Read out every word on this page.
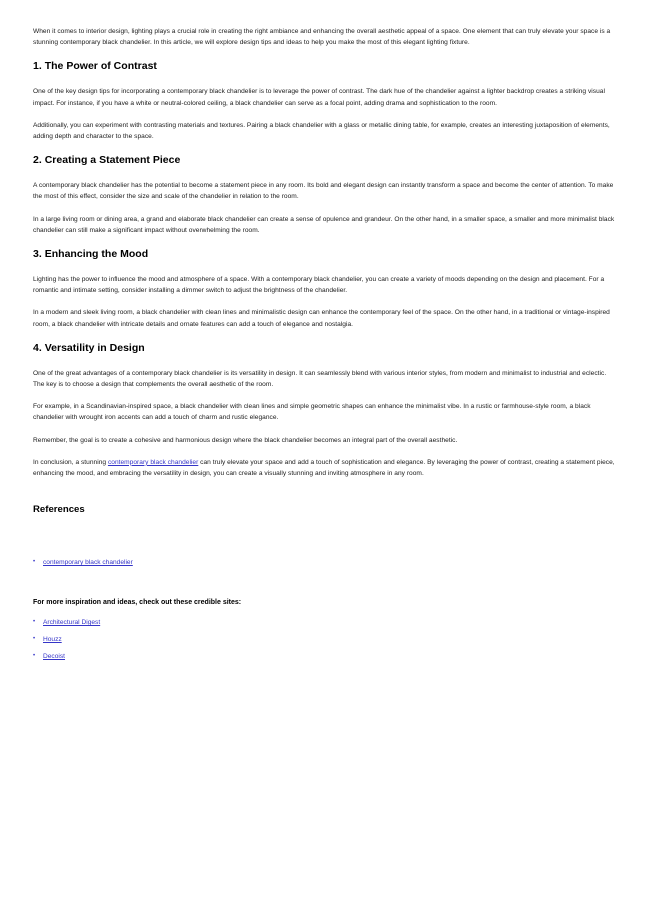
When it comes to interior design, lighting plays a crucial role in creating the right ambiance and enhancing the overall aesthetic appeal of a space. One element that can truly elevate your space is a stunning contemporary black chandelier. In this article, we will explore design tips and ideas to help you make the most of this elegant lighting fixture.

1. The Power of Contrast

One of the key design tips for incorporating a contemporary black chandelier is to leverage the power of contrast. The dark hue of the chandelier against a lighter backdrop creates a striking visual impact. For instance, if you have a white or neutral-colored ceiling, a black chandelier can serve as a focal point, adding drama and sophistication to the room.

Additionally, you can experiment with contrasting materials and textures. Pairing a black chandelier with a glass or metallic dining table, for example, creates an interesting juxtaposition of elements, adding depth and character to the space.

2. Creating a Statement Piece

A contemporary black chandelier has the potential to become a statement piece in any room. Its bold and elegant design can instantly transform a space and become the center of attention. To make the most of this effect, consider the size and scale of the chandelier in relation to the room.

In a large living room or dining area, a grand and elaborate black chandelier can create a sense of opulence and grandeur. On the other hand, in a smaller space, a smaller and more minimalist black chandelier can still make a significant impact without overwhelming the room.

3. Enhancing the Mood

Lighting has the power to influence the mood and atmosphere of a space. With a contemporary black chandelier, you can create a variety of moods depending on the design and placement. For a romantic and intimate setting, consider installing a dimmer switch to adjust the brightness of the chandelier.

In a modern and sleek living room, a black chandelier with clean lines and minimalistic design can enhance the contemporary feel of the space. On the other hand, in a traditional or vintage-inspired room, a black chandelier with intricate details and ornate features can add a touch of elegance and nostalgia.

4. Versatility in Design

One of the great advantages of a contemporary black chandelier is its versatility in design. It can seamlessly blend with various interior styles, from modern and minimalist to industrial and eclectic. The key is to choose a design that complements the overall aesthetic of the room.

For example, in a Scandinavian-inspired space, a black chandelier with clean lines and simple geometric shapes can enhance the minimalist vibe. In a rustic or farmhouse-style room, a black chandelier with wrought iron accents can add a touch of charm and rustic elegance.

Remember, the goal is to create a cohesive and harmonious design where the black chandelier becomes an integral part of the overall aesthetic.

In conclusion, a stunning contemporary black chandelier can truly elevate your space and add a touch of sophistication and elegance. By leveraging the power of contrast, creating a statement piece, enhancing the mood, and embracing the versatility in design, you can create a visually stunning and inviting atmosphere in any room.

References
• contemporary black chandelier

For more inspiration and ideas, check out these credible sites:

• Architectural Digest
• Houzz
• Decoist
